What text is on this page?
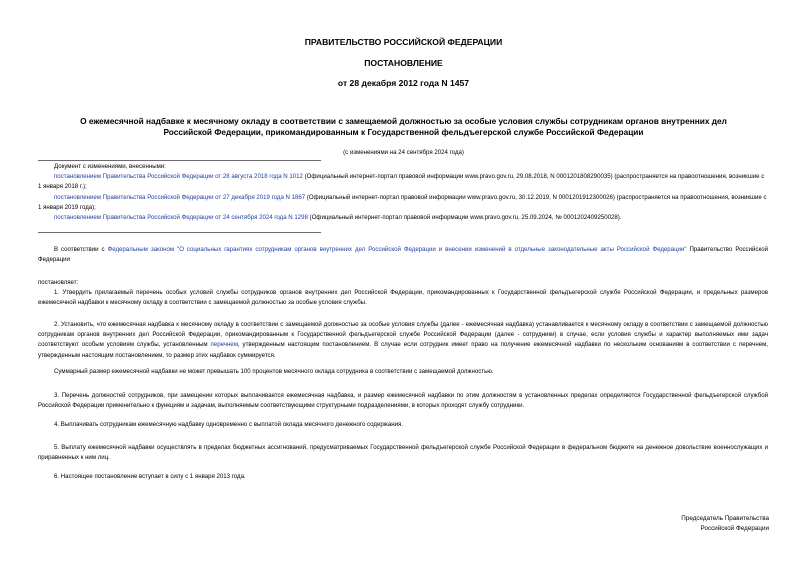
ПРАВИТЕЛЬСТВО РОССИЙСКОЙ ФЕДЕРАЦИИ
ПОСТАНОВЛЕНИЕ
от 28 декабря 2012 года N 1457
О ежемесячной надбавке к месячному окладу в соответствии с замещаемой должностью за особые условия службы сотрудникам органов внутренних дел
Российской Федерации, прикомандированным к Государственной фельдъегерской службе Российской Федерации
(с изменениями на 24 сентября 2024 года)
Документ с изменениями, внесенными:
постановлением Правительства Российской Федерации от 28 августа 2018 года N 1012 (Официальный интернет-портал правовой информации www.pravo.gov.ru, 29.08.2018, N 0001201808290035) (распространяется на правоотношения, возникшие с 1 января 2018 г.);
постановлением Правительства Российской Федерации от 27 декабря 2019 года N 1867 (Официальный интернет-портал правовой информации www.pravo.gov.ru, 30.12.2019, N 0001201912300026) (распространяется на правоотношения, возникшие с 1 января 2019 года);
постановлением Правительства Российской Федерации от 24 сентября 2024 года N 1298 (Официальный интернет-портал правовой информации www.pravo.gov.ru, 25.09.2024, № 0001202409250028).
В соответствии с Федеральным законом "О социальных гарантиях сотрудникам органов внутренних дел Российской Федерации и внесении изменений в отдельные законодательные акты Российской Федерации" Правительство Российской Федерации
постановляет:
1. Утвердить прилагаемый перечень особых условий службы сотрудников органов внутренних дел Российской Федерации, прикомандированных к Государственной фельдъегерской службе Российской Федерации, и предельных размеров ежемесячной надбавки к месячному окладу в соответствии с замещаемой должностью за особые условия службы.
2. Установить, что ежемесячная надбавка к месячному окладу в соответствии с замещаемой должностью за особые условия службы (далее - ежемесячная надбавка) устанавливается к месячному окладу в соответствии с замещаемой должностью сотрудникам органов внутренних дел Российской Федерации, прикомандированным к Государственной фельдъегерской службе Российской Федерации (далее - сотрудники) в случае, если условия службы и характер выполняемых ими задач соответствуют особым условиям службы, установленным перечнем, утвержденным настоящим постановлением. В случае если сотрудник имеет право на получение ежемесячной надбавки по нескольким основаниям в соответствии с перечнем, утвержденным настоящим постановлением, то размер этих надбавок суммируется.
Суммарный размер ежемесячной надбавки не может превышать 100 процентов месячного оклада сотрудника в соответствии с замещаемой должностью.
3. Перечень должностей сотрудников, при замещении которых выплачивается ежемесячная надбавка, и размер ежемесячной надбавки по этим должностям в установленных пределах определяются Государственной фельдъегерской службой Российской Федерации применительно к функциям и задачам, выполняемым соответствующими структурными подразделениями, в которых проходят службу сотрудники.
4. Выплачивать сотрудникам ежемесячную надбавку одновременно с выплатой оклада месячного денежного содержания.
5. Выплату ежемесячной надбавки осуществлять в пределах бюджетных ассигнований, предусматриваемых Государственной фельдъегерской службе Российской Федерации в федеральном бюджете на денежное довольствие военнослужащих и приравненных к ним лиц.
6. Настоящее постановление вступает в силу с 1 января 2013 года.
Председатель Правительства
Российской Федерации
